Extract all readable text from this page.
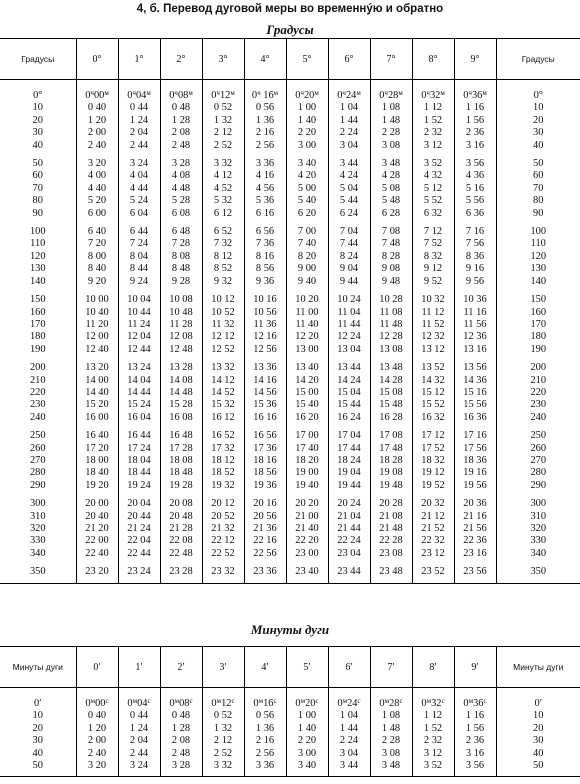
4, б. Перевод дуговой меры во временнýю и обратно
Градусы
Градусы	0°	1°	2°	3°	4°	5°	6°	7°	8°	9°	Градусы

0°	$0^ч00^м$	$0^ч04^м$	$0^ч08^м$	$0^ч12^м$	$0^ч$ $16^м$	$0^ч20^м$	$0^ч24^м$	$0^ч28^м$	$0^ч32^м$	$0^ч36^м$	0°
10	0 40	0 44	0 48	0 52	0 56	1 00	1 04	1 08	1 12	1 16	10
20	1 20	1 24	1 28	1 32	1 36	1 40	1 44	1 48	1 52	1 56	20
30	2 00	2 04	2 08	2 12	2 16	2 20	2 24	2 28	2 32	2 36	30
40	2 40	2 44	2 48	2 52	2 56	3 00	3 04	3 08	3 12	3 16	40

50	3 20	3 24	3 28	3 32	3 36	3 40	3 44	3 48	3 52	3 56	50
60	4 00	4 04	4 08	4 12	4 16	4 20	4 24	4 28	4 32	4 36	60
70	4 40	4 44	4 48	4 52	4 56	5 00	5 04	5 08	5 12	5 16	70
80	5 20	5 24	5 28	5 32	5 36	5 40	5 44	5 48	5 52	5 56	80
90	6 00	6 04	6 08	6 12	6 16	6 20	6 24	6 28	6 32	6 36	90

100	6 40	6 44	6 48	6 52	6 56	7 00	7 04	7 08	7 12	7 16	100
110	7 20	7 24	7 28	7 32	7 36	7 40	7 44	7 48	7 52	7 56	110
120	8 00	8 04	8 08	8 12	8 16	8 20	8 24	8 28	8 32	8 36	120
130	8 40	8 44	8 48	8 52	8 56	9 00	9 04	9 08	9 12	9 16	130
140	9 20	9 24	9 28	9 32	9 36	9 40	9 44	9 48	9 52	9 56	140

150	10 00	10 04	10 08	10 12	10 16	10 20	10 24	10 28	10 32	10 36	150
160	10 40	10 44	10 48	10 52	10 56	11 00	11 04	11 08	11 12	11 16	160
170	11 20	11 24	11 28	11 32	11 36	11 40	11 44	11 48	11 52	11 56	170
180	12 00	12 04	12 08	12 12	12 16	12 20	12 24	12 28	12 32	12 36	180
190	12 40	12 44	12 48	12 52	12 56	13 00	13 04	13 08	13 12	13 16	190

200	13 20	13 24	13 28	13 32	13 36	13 40	13 44	13 48	13 52	13 56	200
210	14 00	14 04	14 08	14 12	14 16	14 20	14 24	14 28	14 32	14 36	210
220	14 40	14 44	14 48	14 52	14 56	15 00	15 04	15 08	15 12	15 16	220
230	15 20	15 24	15 28	15 32	15 36	15 40	15 44	15 48	15 52	15 56	230
240	16 00	16 04	16 08	16 12	16 16	16 20	16 24	16 28	16 32	16 36	240

250	16 40	16 44	16 48	16 52	16 56	17 00	17 04	17 08	17 12	17 16	250
260	17 20	17 24	17 28	17 32	17 36	17 40	17 44	17 48	17 52	17 56	260
270	18 00	18 04	18 08	18 12	18 16	18 20	18 24	18 28	18 32	18 36	270
280	18 40	18 44	18 48	18 52	18 56	19 00	19 04	19 08	19 12	19 16	280
290	19 20	19 24	19 28	19 32	19 36	19 40	19 44	19 48	19 52	19 56	290

300	20 00	20 04	20 08	20 12	20 16	20 20	20 24	20 28	20 32	20 36	300
310	20 40	20 44	20 48	20 52	20 56	21 00	21 04	21 08	21 12	21 16	310
320	21 20	21 24	21 28	21 32	21 36	21 40	21 44	21 48	21 52	21 56	320
330	22 00	22 04	22 08	22 12	22 16	22 20	22 24	22 28	22 32	22 36	330
340	22 40	22 44	22 48	22 52	22 56	23 00	23 04	23 08	23 12	23 16	340

350	23 20	23 24	23 28	23 32	23 36	23 40	23 44	23 48	23 52	23 56	350

Минуты дуги
Минуты дуги	0′	1′	2′	3′	4′	5′	6′	7′	8′	9′	Минуты дуги

0′	$0^м00^с$	$0^м04^с$	$0^м08^с$	$0^м12^с$	$0^м16^с$	$0^м20^с$	$0^м24^с$	$0^м28^с$	$0^м32^с$	$0^м36^с$	0′
10	0 40	0 44	0 48	0 52	0 56	1 00	1 04	1 08	1 12	1 16	10
20	1 20	1 24	1 28	1 32	1 36	1 40	1 44	1 48	1 52	1 56	20
30	2 00	2 04	2 08	2 12	2 16	2 20	2 24	2 28	2 32	2 36	30
40	2 40	2 44	2 48	2 52	2 56	3 00	3 04	3 08	3 12	3 16	40
50	3 20	3 24	3 28	3 32	3 36	3 40	3 44	3 48	3 52	3 56	50
